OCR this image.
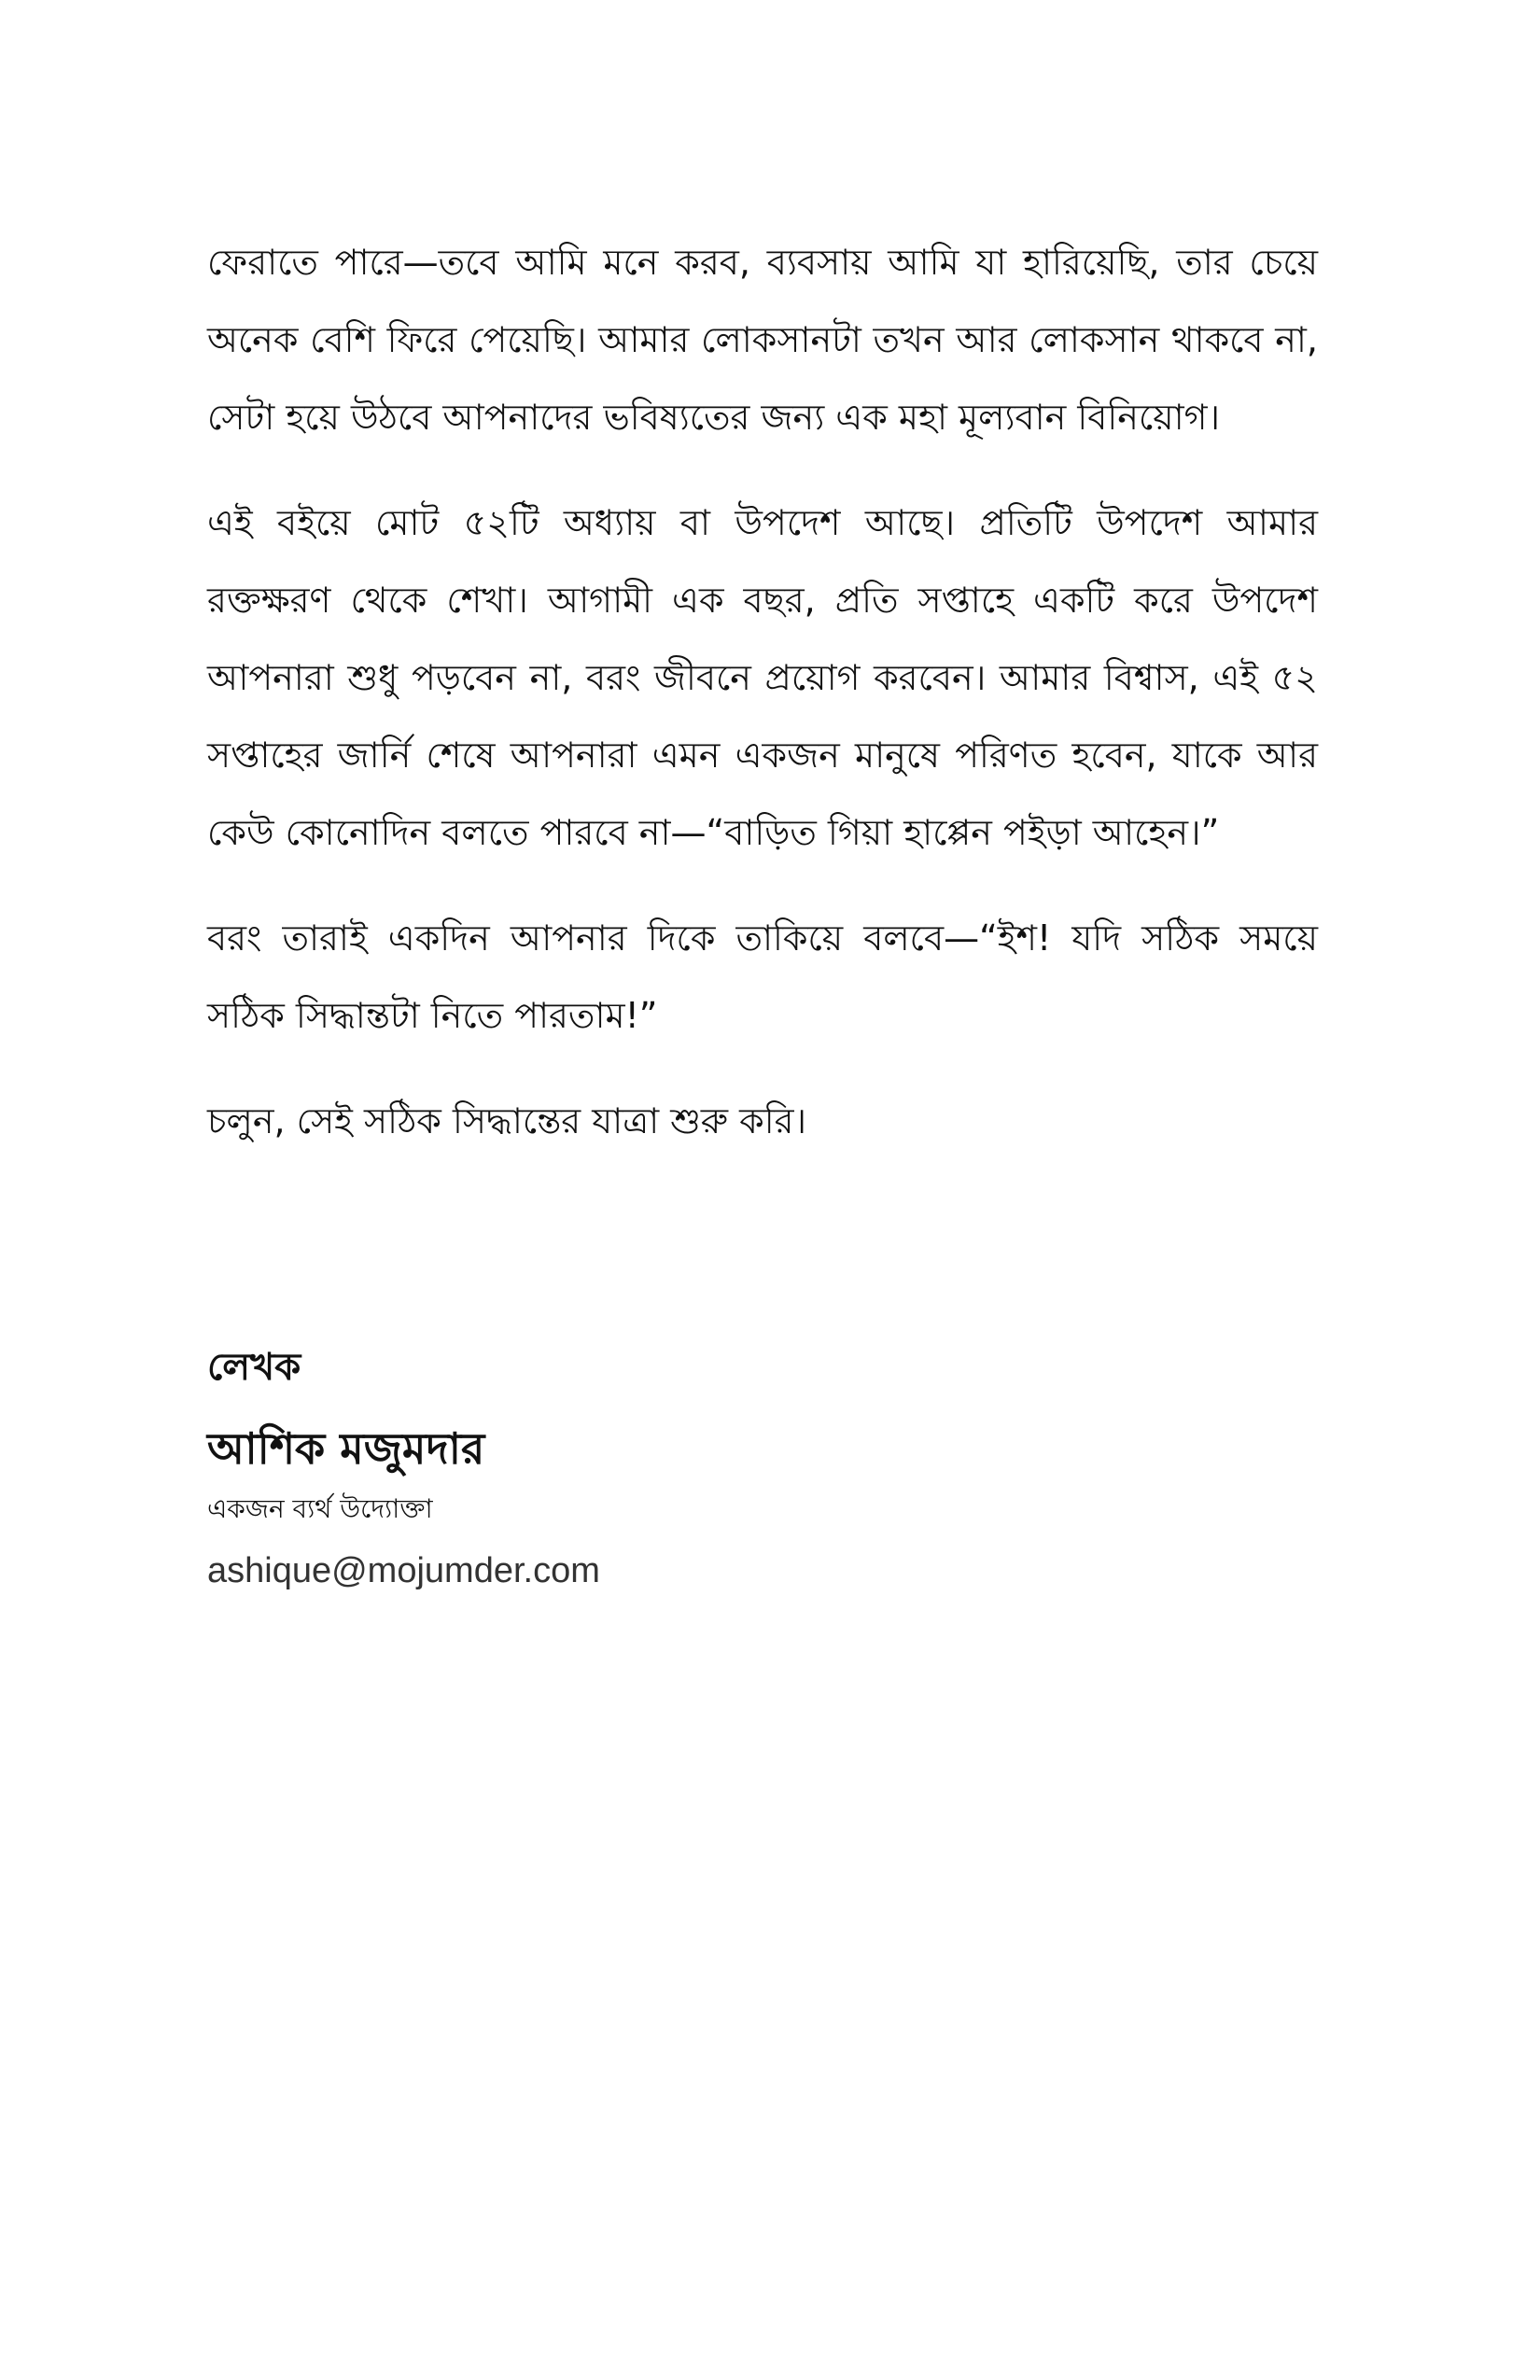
ফেরাতে পারে—তবে আমি মনে করব, ব্যবসায় আমি যা হারিয়েছি, তার চেয়ে অনেক বেশি ফিরে পেয়েছি। আমার লোকসানটা তখন আর লোকসান থাকবে না, সেটা হয়ে উঠবে আপনাদের ভবিষ্যতের জন্য এক মহা মূল্যবান বিনিয়োগ।

এই বইয়ে মোট ৫২টি অধ্যায় বা উপদেশ আছে। প্রতিটি উপদেশ আমার রক্তক্ষরণ থেকে শেখা। আগামী এক বছর, প্রতি সপ্তাহে একটি করে উপদেশ আপনারা শুধু পড়বেন না, বরং জীবনে প্রয়োগ করবেন। আমার বিশ্বাস, এই ৫২ সপ্তাহের জার্নি শেষে আপনারা এমন একজন মানুষে পরিণত হবেন, যাকে আর কেউ কোনোদিন বলতে পারবে না—“বাড়িত গিয়া হাপ্পেন পইড়া আহেন।”

বরং তারাই একদিন আপনার দিকে তাকিয়ে বলবে—“ইশ! যদি সঠিক সময়ে সঠিক সিদ্ধান্তটা নিতে পারতাম!”

চলুন, সেই সঠিক সিদ্ধান্তের যাত্রা শুরু করি।

লেখক

আশিক মজুমদার

একজন ব্যর্থ উদ্যোক্তা

ashique@mojumder.com
